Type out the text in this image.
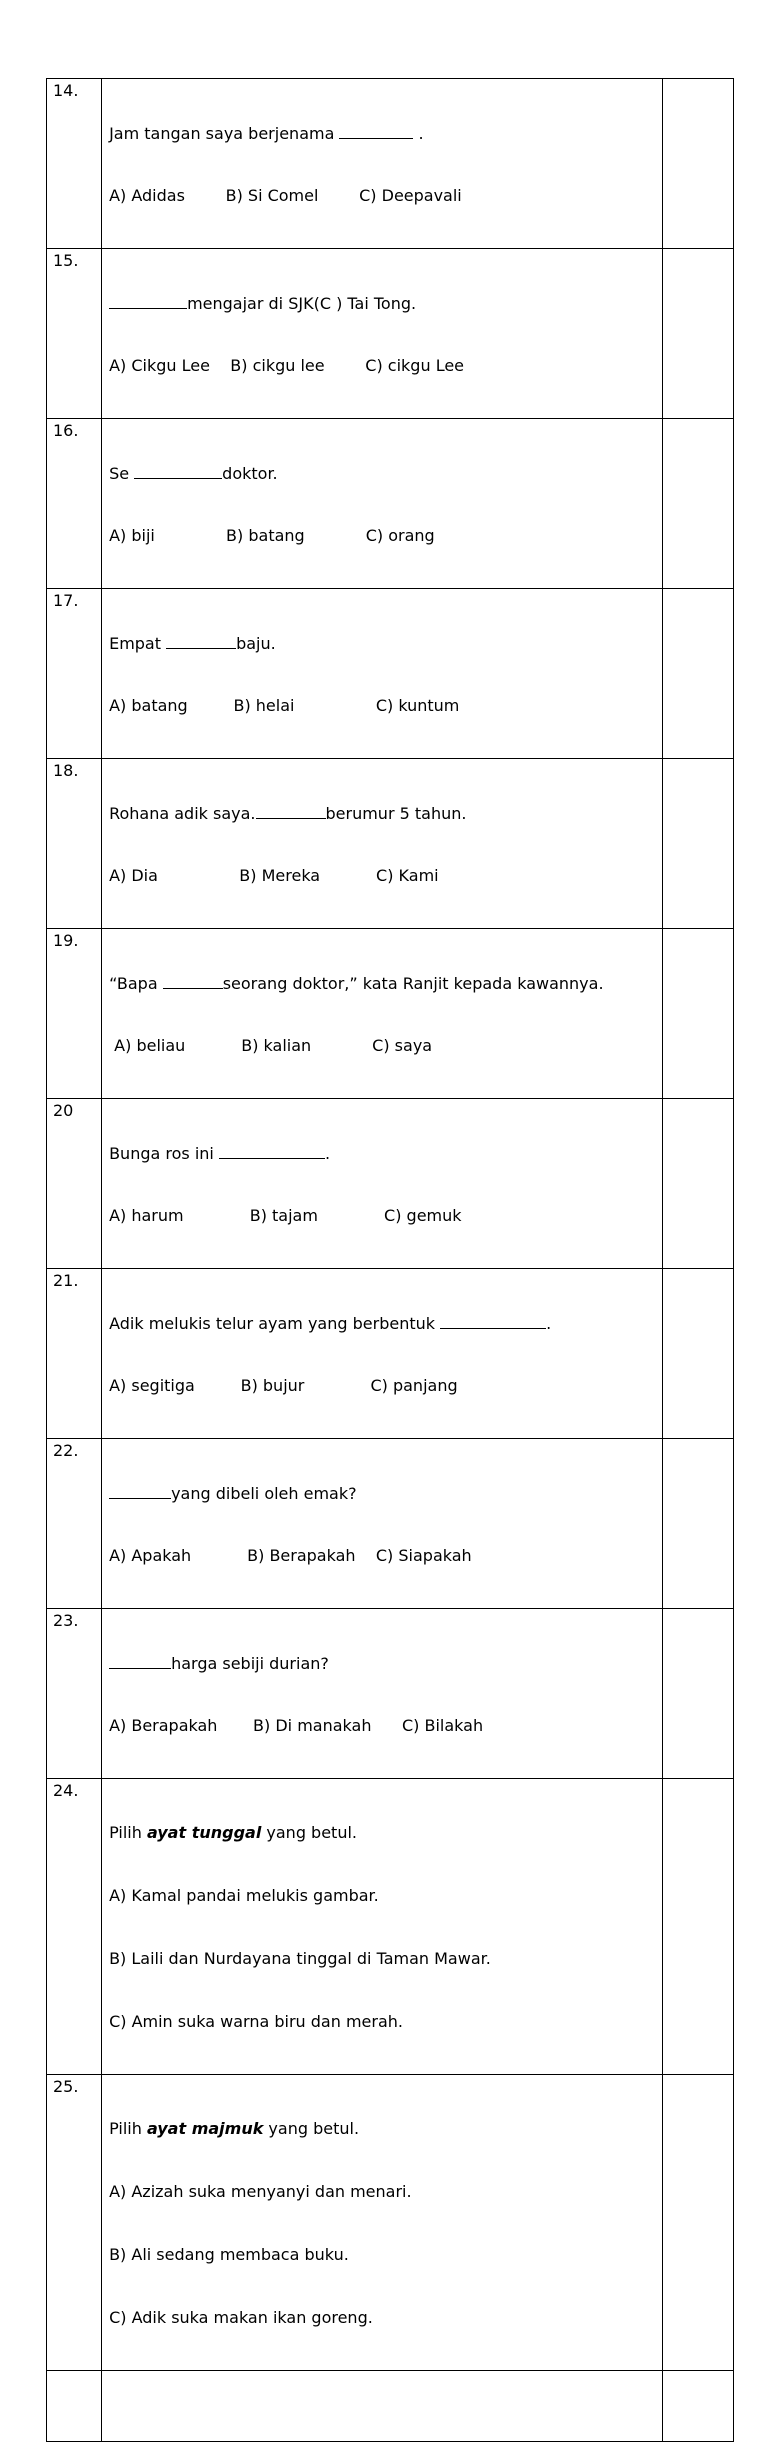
14.	Jam tangan saya berjenama .

A) Adidas        B) Si Comel        C) Deepavali	

15.	mengajar di SJK(C ) Tai Tong.

A) Cikgu Lee    B) cikgu lee        C) cikgu Lee	

16.	Se doktor.

A) biji              B) batang            C) orang	

17.	Empat baju.

A) batang         B) helai                C) kuntum	

18.	Rohana adik saya. berumur 5 tahun.

A) Dia                B) Mereka           C) Kami	

19.	“Bapa seorang doktor,” kata Ranjit kepada kawannya.

A) beliau           B) kalian            C) saya	

20	Bunga ros ini .

A) harum             B) tajam             C) gemuk	

21.	Adik melukis telur ayam yang berbentuk .

A) segitiga         B) bujur             C) panjang	

22.	yang dibeli oleh emak?

A) Apakah           B) Berapakah    C) Siapakah	

23.	harga sebiji durian?

A) Berapakah       B) Di manakah      C) Bilakah	

24.	Pilih ayat tunggal yang betul.

A) Kamal pandai melukis gambar.

B) Laili dan Nurdayana tinggal di Taman Mawar.

C) Amin suka warna biru dan merah.	

25.	Pilih ayat majmuk yang betul.

A) Azizah suka menyanyi dan menari.

B) Ali sedang membaca buku.

C) Adik suka makan ikan goreng.	
